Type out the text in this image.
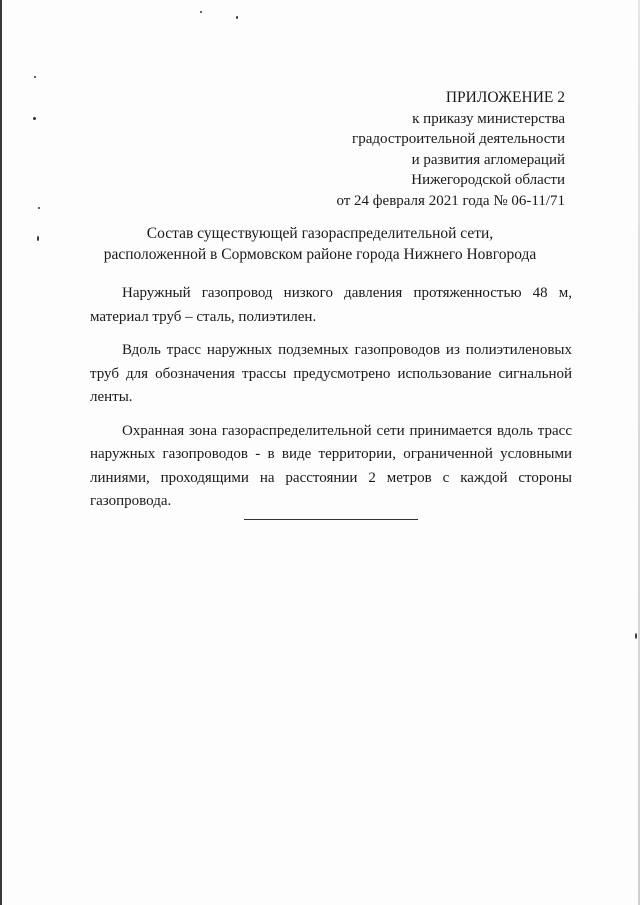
ПРИЛОЖЕНИЕ 2
к приказу министерства
градостроительной деятельности
и развития агломераций
Нижегородской области
от 24 февраля 2021 года № 06-11/71
Состав существующей газораспределительной сети,
расположенной в Сормовском районе города Нижнего Новгорода

Наружный газопровод низкого давления протяженностью 48 м, материал труб – сталь, полиэтилен.

Вдоль трасс наружных подземных газопроводов из полиэтиленовых труб для обозначения трассы предусмотрено использование сигнальной ленты.

Охранная зона газораспределительной сети принимается вдоль трасс наружных газопроводов - в виде территории, ограниченной условными линиями, проходящими на расстоянии 2 метров с каждой стороны газопровода.
